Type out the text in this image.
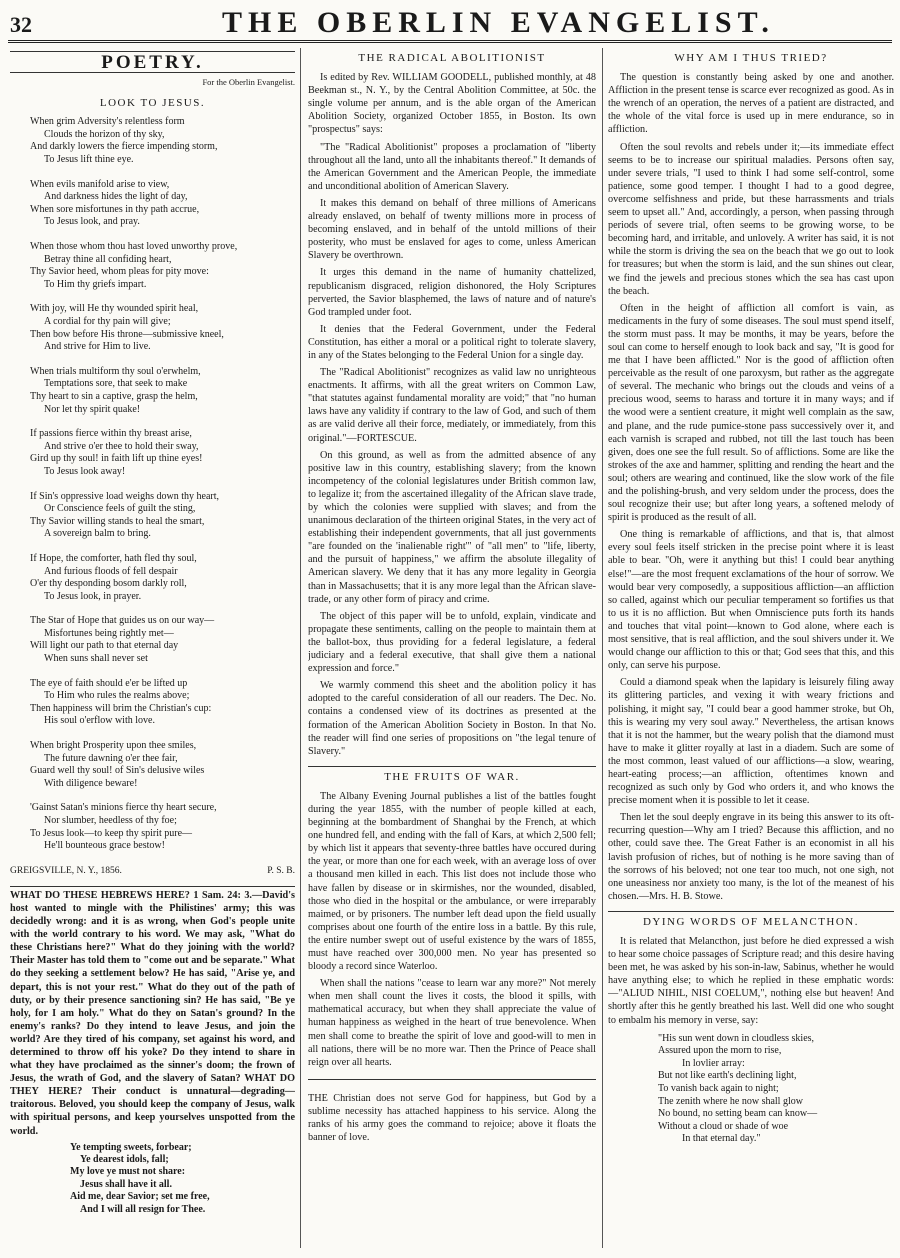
32	THE OBERLIN EVANGELIST.
POETRY.
For the Oberlin Evangelist.
LOOK TO JESUS.
When grim Adversity's relentless form
Clouds the horizon of thy sky,
And darkly lowers the fierce impending storm,
To Jesus lift thine eye.
When evils manifold arise to view,
And darkness hides the light of day,
When sore misfortunes in thy path accrue,
To Jesus look, and pray.
When those whom thou hast loved unworthy prove,
Betray thine all confiding heart,
Thy Savior heed, whom pleas for pity move:
To Him thy griefs impart.
With joy, will He thy wounded spirit heal,
A cordial for thy pain will give;
Then bow before His throne—submissive kneel,
And strive for Him to live.
When trials multiform thy soul o'erwhelm,
Temptations sore, that seek to make
Thy heart to sin a captive, grasp the helm,
Nor let thy spirit quake!
If passions fierce within thy breast arise,
And strive o'er thee to hold their sway,
Gird up thy soul! in faith lift up thine eyes!
To Jesus look away!
If Sin's oppressive load weighs down thy heart,
Or Conscience feels of guilt the sting,
Thy Savior willing stands to heal the smart,
A sovereign balm to bring.
If Hope, the comforter, hath fled thy soul,
And furious floods of fell despair
O'er thy desponding bosom darkly roll,
To Jesus look, in prayer.
The Star of Hope that guides us on our way—
Misfortunes being rightly met—
Will light our path to that eternal day
When suns shall never set
The eye of faith should e'er be lifted up
To Him who rules the realms above;
Then happiness will brim the Christian's cup:
His soul o'erflow with love.
When bright Prosperity upon thee smiles,
The future dawning o'er thee fair,
Guard well thy soul! of Sin's delusive wiles
With diligence beware!
'Gainst Satan's minions fierce thy heart secure,
Nor slumber, heedless of thy foe;
To Jesus look—to keep thy spirit pure—
He'll bounteous grace bestow!
GREIGSVILLE, N. Y., 1856.	P. S. B.

WHAT DO THESE HEBREWS HERE? 1 Sam. 24: 3.—David's host wanted to mingle with the Philistines' army; this was decidedly wrong: and it is as wrong, when God's people unite with the world contrary to his word. We may ask, "What do these Christians here?" What do they joining with the world? Their Master has told them to "come out and be separate." What do they seeking a settlement below? He has said, "Arise ye, and depart, this is not your rest." What do they out of the path of duty, or by their presence sanctioning sin? He has said, "Be ye holy, for I am holy." What do they on Satan's ground? In the enemy's ranks? Do they intend to leave Jesus, and join the world? Are they tired of his company, set against his word, and determined to throw off his yoke? Do they intend to share in what they have proclaimed as the sinner's doom; the frown of Jesus, the wrath of God, and the slavery of Satan? WHAT DO THEY HERE? Their conduct is unnatural—degrading—traitorous. Beloved, you should keep the company of Jesus, walk with spiritual persons, and keep yourselves unspotted from the world.

Ye tempting sweets, forbear;
Ye dearest idols, fall;
My love ye must not share:
Jesus shall have it all.
Aid me, dear Savior; set me free,
And I will all resign for Thee.
THE RADICAL ABOLITIONIST

Is edited by Rev. WILLIAM GOODELL, published monthly, at 48 Beekman st., N. Y., by the Central Abolition Committee, at 50c. the single volume per annum, and is the able organ of the American Abolition Society, organized October 1855, in Boston. Its own "prospectus" says:

"The "Radical Abolitionist" proposes a proclamation of "liberty throughout all the land, unto all the inhabitants thereof." It demands of the American Government and the American People, the immediate and unconditional abolition of American Slavery.

It makes this demand on behalf of three millions of Americans already enslaved, on behalf of twenty millions more in process of becoming enslaved, and in behalf of the untold millions of their posterity, who must be enslaved for ages to come, unless American Slavery be overthrown.

It urges this demand in the name of humanity chattelized, republicanism disgraced, religion dishonored, the Holy Scriptures perverted, the Savior blasphemed, the laws of nature and of nature's God trampled under foot.

It denies that the Federal Government, under the Federal Constitution, has either a moral or a political right to tolerate slavery, in any of the States belonging to the Federal Union for a single day.

The "Radical Abolitionist" recognizes as valid law no unrighteous enactments. It affirms, with all the great writers on Common Law, "that statutes against fundamental morality are void;" that "no human laws have any validity if contrary to the law of God, and such of them as are valid derive all their force, mediately, or immediately, from this original."—FORTESCUE.

On this ground, as well as from the admitted absence of any positive law in this country, establishing slavery; from the known incompetency of the colonial legislatures under British common law, to legalize it; from the ascertained illegality of the African slave trade, by which the colonies were supplied with slaves; and from the unanimous declaration of the thirteen original States, in the very act of establishing their independent governments, that all just governments "are founded on the 'inalienable right'" of "all men" to "life, liberty, and the pursuit of happiness," we affirm the absolute illegality of American slavery. We deny that it has any more legality in Georgia than in Massachusetts; that it is any more legal than the African slave-trade, or any other form of piracy and crime.

The object of this paper will be to unfold, explain, vindicate and propagate these sentiments, calling on the people to maintain them at the ballot-box, thus providing for a federal legislature, a federal judiciary and a federal executive, that shall give them a national expression and force."

We warmly commend this sheet and the abolition policy it has adopted to the careful consideration of all our readers. The Dec. No. contains a condensed view of its doctrines as presented at the formation of the American Abolition Society in Boston. In that No. the reader will find one series of propositions on "the legal tenure of Slavery."

THE FRUITS OF WAR.

The Albany Evening Journal publishes a list of the battles fought during the year 1855, with the number of people killed at each, beginning at the bombardment of Shanghai by the French, at which one hundred fell, and ending with the fall of Kars, at which 2,500 fell; by which list it appears that seventy-three battles have occured during the year, or more than one for each week, with an average loss of over a thousand men killed in each. This list does not include those who have fallen by disease or in skirmishes, nor the wounded, disabled, those who died in the hospital or the ambulance, or were irreparably maimed, or by prisoners. The number left dead upon the field usually comprises about one fourth of the entire loss in a battle. By this rule, the entire number swept out of useful existence by the wars of 1855, must have reached over 300,000 men. No year has presented so bloody a record since Waterloo.

When shall the nations "cease to learn war any more?" Not merely when men shall count the lives it costs, the blood it spills, with mathematical accuracy, but when they shall appreciate the value of human happiness as weighed in the heart of true benevolence. When men shall come to breathe the spirit of love and good-will to men in all nations, there will be no more war. Then the Prince of Peace shall reign over all hearts.

THE Christian does not serve God for happiness, but God by a sublime necessity has attached happiness to his service. Along the ranks of his army goes the command to rejoice; above it floats the banner of love.

WHY AM I THUS TRIED?

The question is constantly being asked by one and another. Affliction in the present tense is scarce ever recognized as good. As in the wrench of an operation, the nerves of a patient are distracted, and the whole of the vital force is used up in mere endurance, so in affliction.

Often the soul revolts and rebels under it;—its immediate effect seems to be to increase our spiritual maladies. Persons often say, under severe trials, "I used to think I had some self-control, some patience, some good temper. I thought I had to a good degree, overcome selfishness and pride, but these harrassments and trials seem to upset all." And, accordingly, a person, when passing through periods of severe trial, often seems to be growing worse, to be becoming hard, and irritable, and unlovely. A writer has said, it is not while the storm is driving the sea on the beach that we go out to look for treasures; but when the storm is laid, and the sun shines out clear, we find the jewels and precious stones which the sea has cast upon the beach.

Often in the height of affliction all comfort is vain, as medicaments in the fury of some diseases. The soul must spend itself, the storm must pass. It may be months, it may be years, before the soul can come to herself enough to look back and say, "It is good for me that I have been afflicted." Nor is the good of affliction often perceivable as the result of one paroxysm, but rather as the aggregate of several. The mechanic who brings out the clouds and veins of a precious wood, seems to harass and torture it in many ways; and if the wood were a sentient creature, it might well complain as the saw, and plane, and the rude pumice-stone pass successively over it, and each varnish is scraped and rubbed, not till the last touch has been given, does one see the full result. So of afflictions. Some are like the strokes of the axe and hammer, splitting and rending the heart and the soul; others are wearing and continued, like the slow work of the file and the polishing-brush, and very seldom under the process, does the soul recognize their use; but after long years, a softened melody of spirit is produced as the result of all.

One thing is remarkable of afflictions, and that is, that almost every soul feels itself stricken in the precise point where it is least able to bear. "Oh, were it anything but this! I could bear anything else!"—are the most frequent exclamations of the hour of sorrow. We would bear very composedly, a suppositious affliction—an affliction so called, against which our peculiar temperament so fortifies us that to us it is no affliction. But when Omniscience puts forth its hands and touches that vital point—known to God alone, where each is most sensitive, that is real affliction, and the soul shivers under it. We would change our affliction to this or that; God sees that this, and this only, can serve his purpose.

Could a diamond speak when the lapidary is leisurely filing away its glittering particles, and vexing it with weary frictions and polishing, it might say, "I could bear a good hammer stroke, but Oh, this is wearing my very soul away." Nevertheless, the artisan knows that it is not the hammer, but the weary polish that the diamond must have to make it glitter royally at last in a diadem. Such are some of the most common, least valued of our afflictions—a slow, wearing, heart-eating process;—an affliction, oftentimes known and recognized as such only by God who orders it, and who knows the precise moment when it is possible to let it cease.

Then let the soul deeply engrave in its being this answer to its oft-recurring question—Why am I tried? Because this affliction, and no other, could save thee. The Great Father is an economist in all his lavish profusion of riches, but of nothing is he more saving than of the sorrows of his beloved; not one tear too much, not one sigh, not one uneasiness nor anxiety too many, is the lot of the meanest of his chosen.—Mrs. H. B. Stowe.

DYING WORDS OF MELANCTHON.

It is related that Melancthon, just before he died expressed a wish to hear some choice passages of Scripture read; and this desire having been met, he was asked by his son-in-law, Sabinus, whether he would have anything else; to which he replied in these emphatic words:—"ALIUD NIHIL, NISI COELUM,", nothing else but heaven! And shortly after this he gently breathed his last. Well did one who sought to embalm his memory in verse, say:

"His sun went down in cloudless skies,
Assured upon the morn to rise,
In lovlier array:
But not like earth's declining light,
To vanish back again to night;
The zenith where he now shall glow
No bound, no setting beam can know—
Without a cloud or shade of woe
In that eternal day."
